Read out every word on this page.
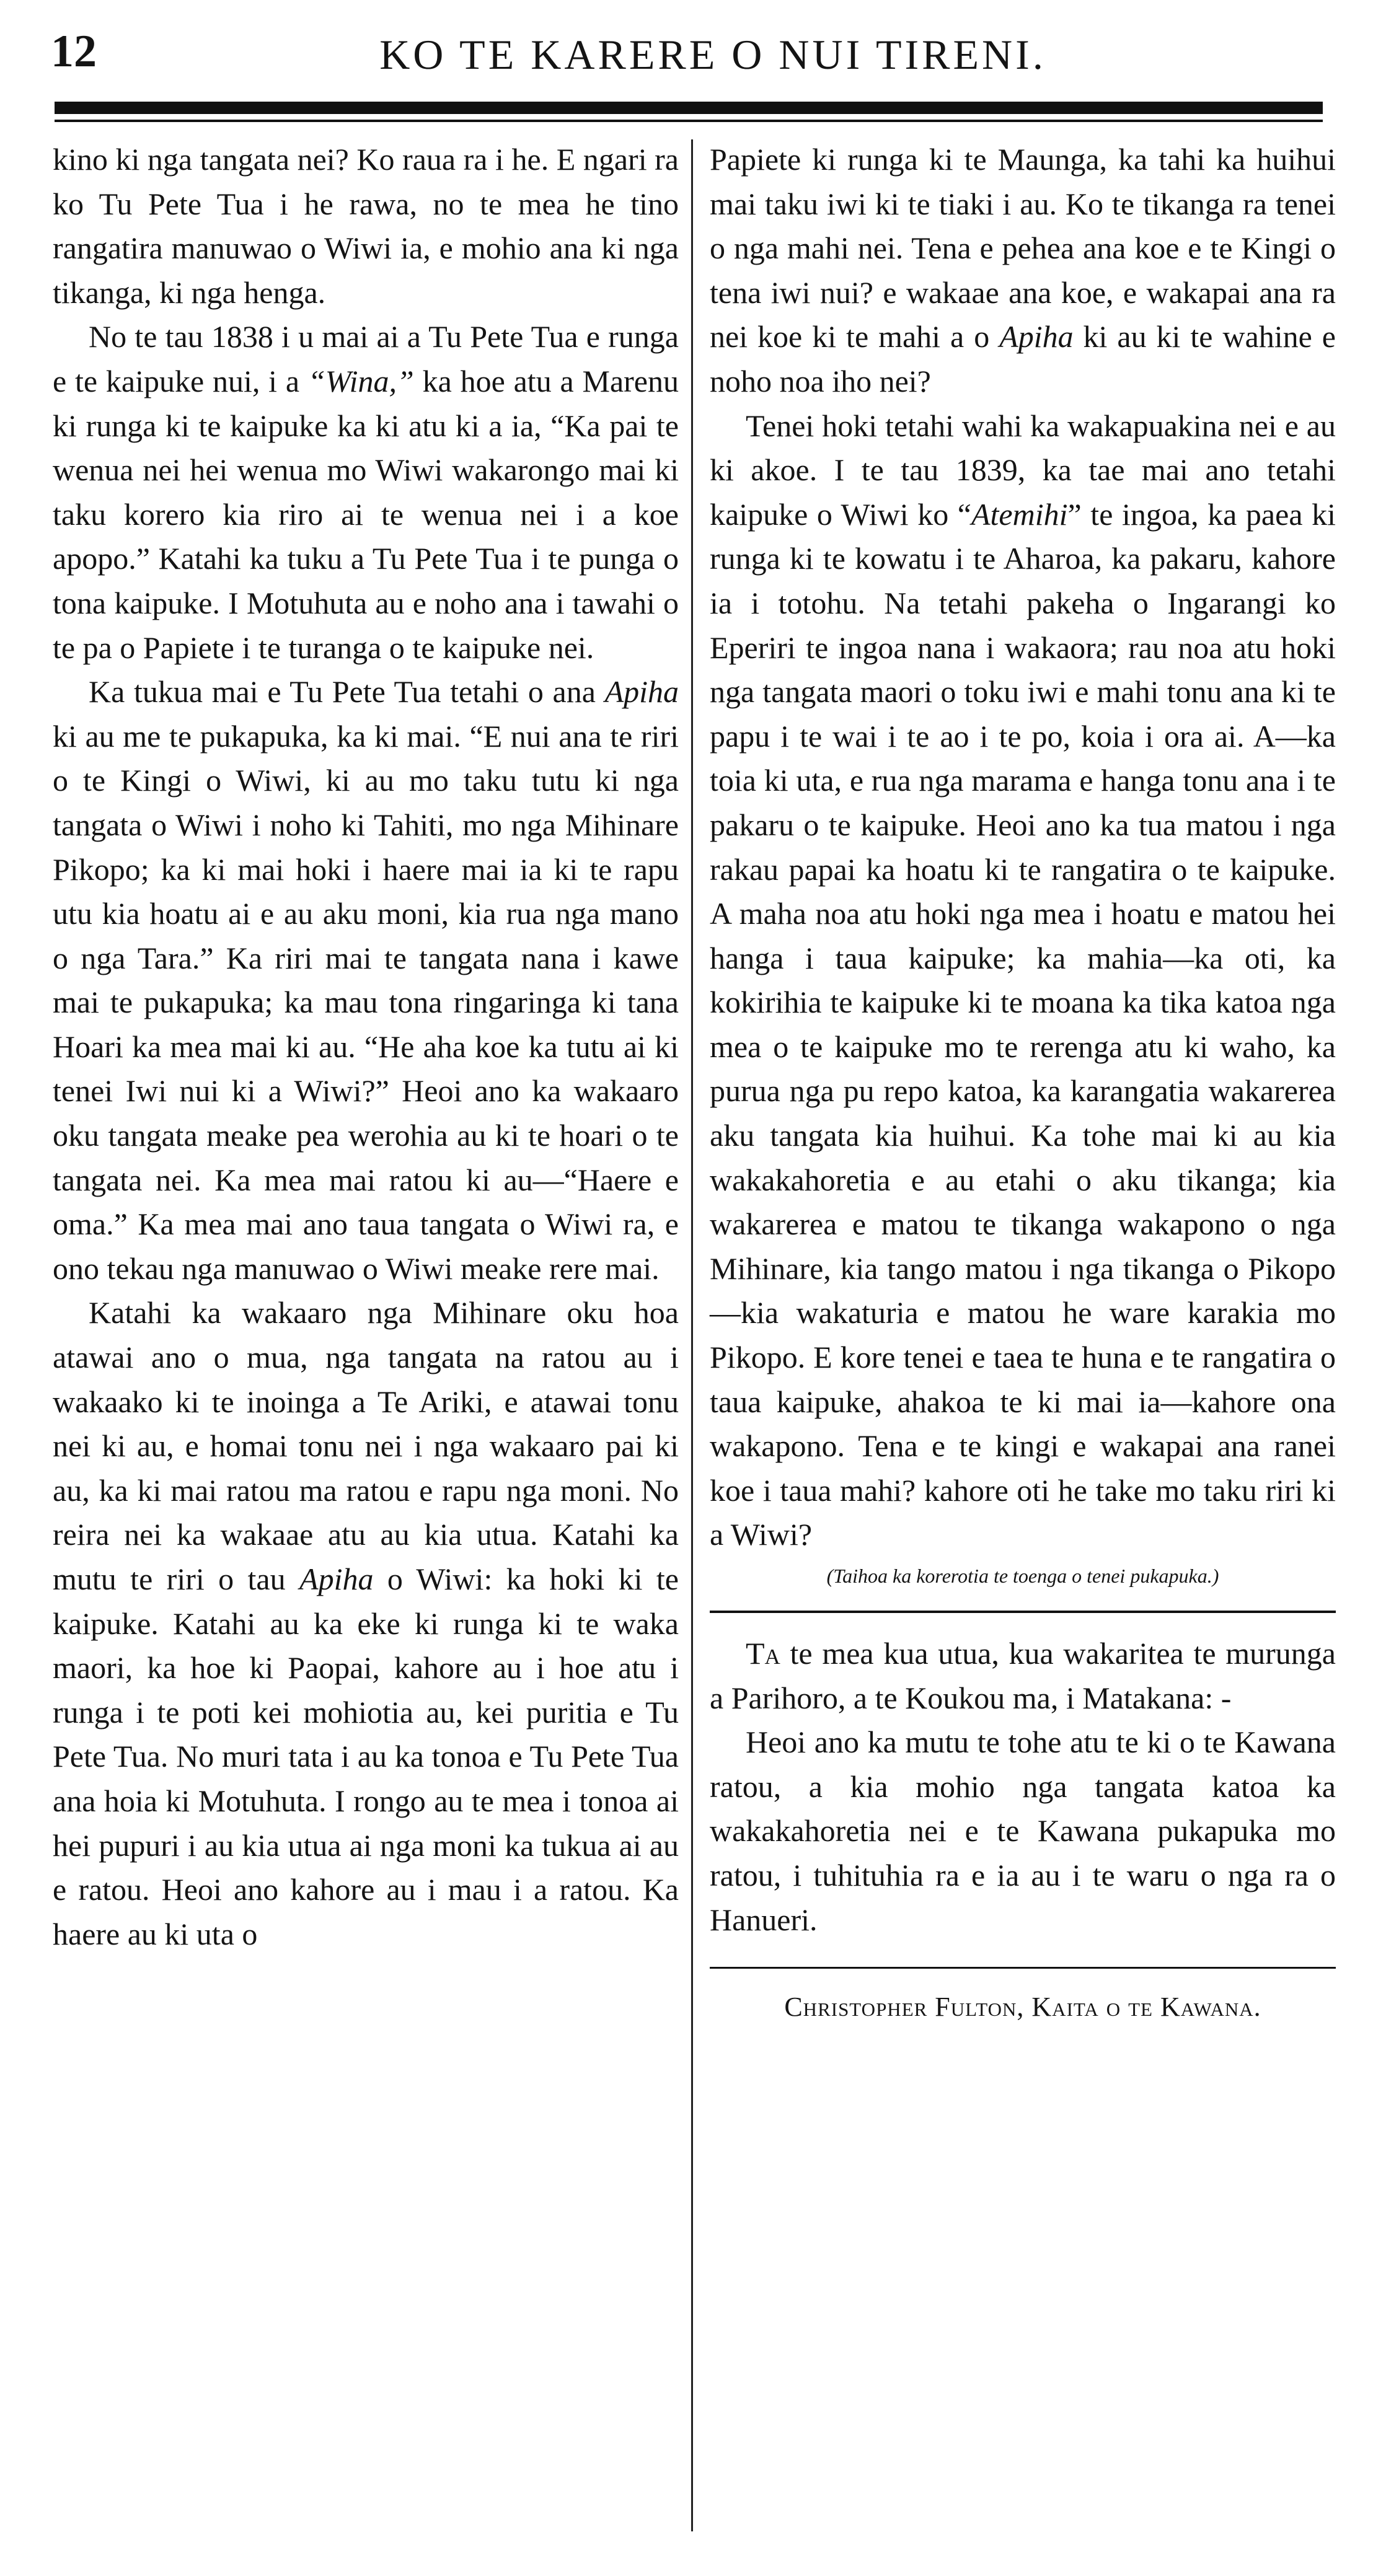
12	KO TE KARERE O NUI TIRENI.

kino ki nga tangata nei? Ko raua ra i he. E ngari ra ko Tu Pete Tua i he rawa, no te mea he tino rangatira manuwao o Wiwi ia, e mohio ana ki nga tikanga, ki nga henga.

No te tau 1838 i u mai ai a Tu Pete Tua e runga e te kaipuke nui, i a “Wina,” ka hoe atu a Marenu ki runga ki te kaipuke ka ki atu ki a ia, “Ka pai te wenua nei hei wenua mo Wiwi wakarongo mai ki taku korero kia riro ai te wenua nei i a koe apopo.” Katahi ka tuku a Tu Pete Tua i te punga o tona kaipuke. I Motuhuta au e noho ana i tawahi o te pa o Papiete i te turanga o te kaipuke nei.

Ka tukua mai e Tu Pete Tua tetahi o ana Apiha ki au me te pukapuka, ka ki mai. “E nui ana te riri o te Kingi o Wiwi, ki au mo taku tutu ki nga tangata o Wiwi i noho ki Tahiti, mo nga Mihinare Pikopo; ka ki mai hoki i haere mai ia ki te rapu utu kia hoatu ai e au aku moni, kia rua nga mano o nga Tara.” Ka riri mai te tangata nana i kawe mai te pukapuka; ka mau tona ringaringa ki tana Hoari ka mea mai ki au. “He aha koe ka tutu ai ki tenei Iwi nui ki a Wiwi?” Heoi ano ka wakaaro oku tangata meake pea werohia au ki te hoari o te tangata nei. Ka mea mai ratou ki au—“Haere e oma.” Ka mea mai ano taua tangata o Wiwi ra, e ono tekau nga manuwao o Wiwi meake rere mai.

Katahi ka wakaaro nga Mihinare oku hoa atawai ano o mua, nga tangata na ratou au i wakaako ki te inoinga a Te Ariki, e atawai tonu nei ki au, e homai tonu nei i nga wakaaro pai ki au, ka ki mai ratou ma ratou e rapu nga moni. No reira nei ka wakaae atu au kia utua. Katahi ka mutu te riri o tau Apiha o Wiwi: ka hoki ki te kaipuke. Katahi au ka eke ki runga ki te waka maori, ka hoe ki Paopai, kahore au i hoe atu i runga i te poti kei mohiotia au, kei puritia e Tu Pete Tua. No muri tata i au ka tonoa e Tu Pete Tua ana hoia ki Motuhuta. I rongo au te mea i tonoa ai hei pupuri i au kia utua ai nga moni ka tukua ai au e ratou. Heoi ano kahore au i mau i a ratou. Ka haere au ki uta o

Papiete ki runga ki te Maunga, ka tahi ka huihui mai taku iwi ki te tiaki i au. Ko te tikanga ra tenei o nga mahi nei. Tena e pehea ana koe e te Kingi o tena iwi nui? e wakaae ana koe, e wakapai ana ra nei koe ki te mahi a o Apiha ki au ki te wahine e noho noa iho nei?

Tenei hoki tetahi wahi ka wakapuakina nei e au ki akoe. I te tau 1839, ka tae mai ano tetahi kaipuke o Wiwi ko “Atemihi” te ingoa, ka paea ki runga ki te kowatu i te Aharoa, ka pakaru, kahore ia i totohu. Na tetahi pakeha o Ingarangi ko Eperiri te ingoa nana i wakaora; rau noa atu hoki nga tangata maori o toku iwi e mahi tonu ana ki te papu i te wai i te ao i te po, koia i ora ai. A—ka toia ki uta, e rua nga marama e hanga tonu ana i te pakaru o te kaipuke. Heoi ano ka tua matou i nga rakau papai ka hoatu ki te rangatira o te kaipuke. A maha noa atu hoki nga mea i hoatu e matou hei hanga i taua kaipuke; ka mahia—ka oti, ka kokirihia te kaipuke ki te moana ka tika katoa nga mea o te kaipuke mo te rerenga atu ki waho, ka purua nga pu repo katoa, ka karangatia wakarerea aku tangata kia huihui. Ka tohe mai ki au kia wakakahoretia e au etahi o aku tikanga; kia wakarerea e matou te tikanga wakapono o nga Mihinare, kia tango matou i nga tikanga o Pikopo—kia wakaturia e matou he ware karakia mo Pikopo. E kore tenei e taea te huna e te rangatira o taua kaipuke, ahakoa te ki mai ia—kahore ona wakapono. Tena e te kingi e wakapai ana ranei koe i taua mahi? kahore oti he take mo taku riri ki a Wiwi?

(Taihoa ka korerotia te toenga o tenei pukapuka.)

Ta te mea kua utua, kua wakaritea te murunga a Parihoro, a te Koukou ma, i Matakana: -

Heoi ano ka mutu te tohe atu te ki o te Kawana ratou, a kia mohio nga tangata katoa ka wakakahoretia nei e te Kawana pukapuka mo ratou, i tuhituhia ra e ia au i te waru o nga ra o Hanueri.

Christopher Fulton, Kaita o te Kawana.
